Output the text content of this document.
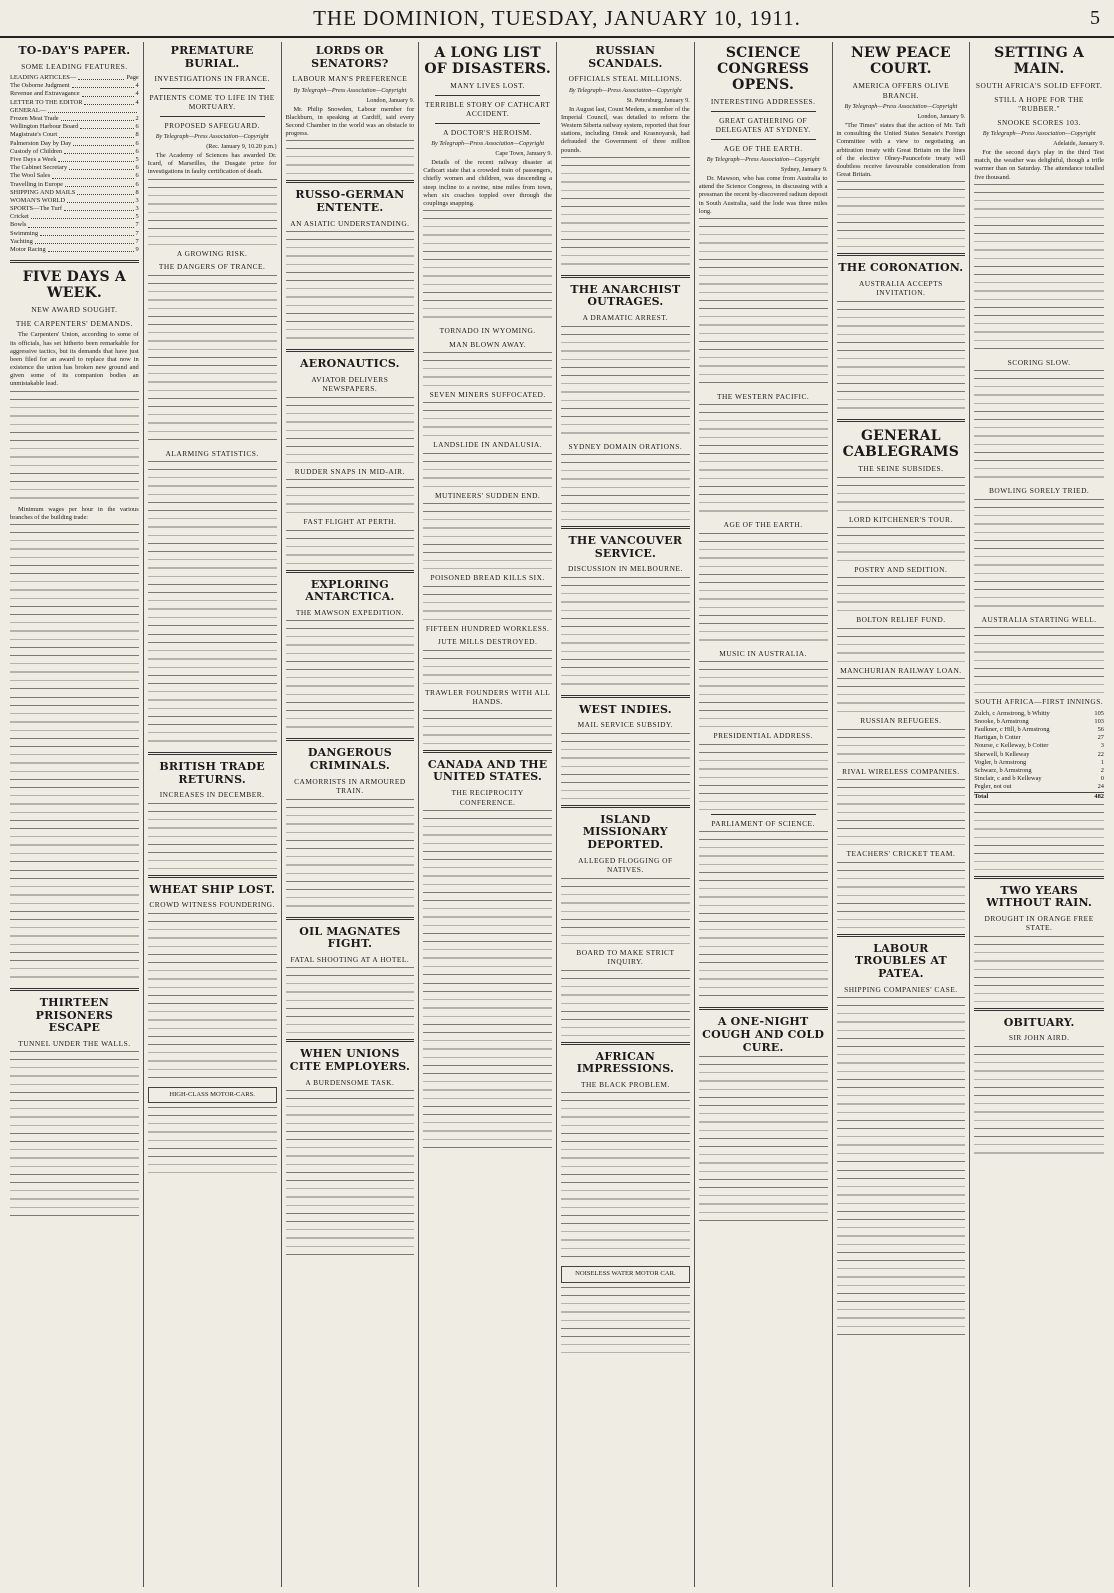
THE DOMINION, TUESDAY, JANUARY 10, 1911.	5
TO-DAY'S PAPER.
SOME LEADING FEATURES.
LEADING ARTICLES—	Page
The Osborne Judgment	4
Revenue and Extravagance	4
LETTER TO THE EDITOR	4
GENERAL—
Frozen Meat Trade	2
Wellington Harbour Board	6
Magistrate's Court	8
Palmerston Day by Day	6
Custody of Children	6
Five Days a Week	5
The Cabinet Secretary	6
The Wool Sales	6
Travelling in Europe	6
SHIPPING AND MAILS	8
WOMAN'S WORLD	3
SPORTS—The Turf	3
Cricket	5
Bowls	7
Swimming	7
Yachting	7
Motor Racing	9
FIVE DAYS A WEEK.
NEW AWARD SOUGHT.
THE CARPENTERS' DEMANDS.
The Carpenters' Union, according to some of its officials, has set hitherto been remarkable for aggressive tactics, but its demands that have just been filed for an award to replace that now in existence the union has broken new ground and given some of its companion bodies an unmistakable lead.
Minimum wages per hour in the various branches of the building trade:
THIRTEEN PRISONERS ESCAPE
TUNNEL UNDER THE WALLS.
PREMATURE BURIAL.
INVESTIGATIONS IN FRANCE.
PATIENTS COME TO LIFE IN THE MORTUARY.
PROPOSED SAFEGUARD.
By Telegraph—Press Association—Copyright
(Rec. January 9, 10.20 p.m.)
The Academy of Sciences has awarded Dr. Icard, of Marseilles, the Dusgate prize for investigations in faulty certification of death.
A GROWING RISK.
THE DANGERS OF TRANCE.
ALARMING STATISTICS.
BRITISH TRADE RETURNS.
INCREASES IN DECEMBER.
WHEAT SHIP LOST.
CROWD WITNESS FOUNDERING.
HIGH-CLASS MOTOR-CARS.
LORDS OR SENATORS?
LABOUR MAN'S PREFERENCE
By Telegraph—Press Association—Copyright
London, January 9.
Mr. Philip Snowden, Labour member for Blackburn, in speaking at Cardiff, said every Second Chamber in the world was an obstacle to progress.
RUSSO-GERMAN ENTENTE.
AN ASIATIC UNDERSTANDING.
AERONAUTICS.
AVIATOR DELIVERS NEWSPAPERS.
RUDDER SNAPS IN MID-AIR.
FAST FLIGHT AT PERTH.
EXPLORING ANTARCTICA.
THE MAWSON EXPEDITION.
DANGEROUS CRIMINALS.
CAMORRISTS IN ARMOURED TRAIN.
OIL MAGNATES FIGHT.
FATAL SHOOTING AT A HOTEL.
WHEN UNIONS CITE EMPLOYERS.
A BURDENSOME TASK.
A LONG LIST OF DISASTERS.
MANY LIVES LOST.
TERRIBLE STORY OF CATHCART ACCIDENT.
A DOCTOR'S HEROISM.
By Telegraph—Press Association—Copyright
Cape Town, January 9.
Details of the recent railway disaster at Cathcart state that a crowded train of passengers, chiefly women and children, was descending a steep incline to a ravine, nine miles from town, when six coaches toppled over through the couplings snapping.
TORNADO IN WYOMING.
MAN BLOWN AWAY.
SEVEN MINERS SUFFOCATED.
LANDSLIDE IN ANDALUSIA.
MUTINEERS' SUDDEN END.
POISONED BREAD KILLS SIX.
FIFTEEN HUNDRED WORKLESS.
JUTE MILLS DESTROYED.
TRAWLER FOUNDERS WITH ALL HANDS.
CANADA AND THE UNITED STATES.
THE RECIPROCITY CONFERENCE.
RUSSIAN SCANDALS.
OFFICIALS STEAL MILLIONS.
By Telegraph—Press Association—Copyright
St. Petersburg, January 9.
In August last, Count Medem, a member of the Imperial Council, was detailed to reform the Western Siberia railway system, reported that four stations, including Omsk and Krasnoyarsk, had defrauded the Government of three million pounds.
THE ANARCHIST OUTRAGES.
A DRAMATIC ARREST.
SYDNEY DOMAIN ORATIONS.
THE VANCOUVER SERVICE.
DISCUSSION IN MELBOURNE.
WEST INDIES.
MAIL SERVICE SUBSIDY.
ISLAND MISSIONARY DEPORTED.
ALLEGED FLOGGING OF NATIVES.
BOARD TO MAKE STRICT INQUIRY.
AFRICAN IMPRESSIONS.
THE BLACK PROBLEM.
NOISELESS WATER MOTOR CAR.
SCIENCE CONGRESS OPENS.
INTERESTING ADDRESSES.
GREAT GATHERING OF DELEGATES AT SYDNEY.
AGE OF THE EARTH.
By Telegraph—Press Association—Copyright
Sydney, January 9.
Dr. Mawson, who has come from Australia to attend the Science Congress, in discussing with a pressman the recent by-discovered radium deposit in South Australia, said the lode was three miles long.
THE WESTERN PACIFIC.
AGE OF THE EARTH.
MUSIC IN AUSTRALIA.
PRESIDENTIAL ADDRESS.
PARLIAMENT OF SCIENCE.
A ONE-NIGHT COUGH AND COLD CURE.
NEW PEACE COURT.
AMERICA OFFERS OLIVE BRANCH.
By Telegraph—Press Association—Copyright
London, January 9.
"The Times" states that the action of Mr. Taft in consulting the United States Senate's Foreign Committee with a view to negotiating an arbitration treaty with Great Britain on the lines of the elective Olney-Pauncefote treaty will doubtless receive favourable consideration from Great Britain.
THE CORONATION.
AUSTRALIA ACCEPTS INVITATION.
GENERAL CABLEGRAMS
THE SEINE SUBSIDES.
LORD KITCHENER'S TOUR.
POSTRY AND SEDITION.
BOLTON RELIEF FUND.
MANCHURIAN RAILWAY LOAN.
RUSSIAN REFUGEES.
RIVAL WIRELESS COMPANIES.
TEACHERS' CRICKET TEAM.
LABOUR TROUBLES AT PATEA.
SHIPPING COMPANIES' CASE.
SETTING A MAIN.
SOUTH AFRICA'S SOLID EFFORT.
STILL A HOPE FOR THE "RUBBER."
SNOOKE SCORES 103.
By Telegraph—Press Association—Copyright
Adelaide, January 9.
For the second day's play in the third Test match, the weather was delightful, though a trifle warmer than on Saturday. The attendance totalled five thousand.
SCORING SLOW.
BOWLING SORELY TRIED.
AUSTRALIA STARTING WELL.
SOUTH AFRICA—FIRST INNINGS.
Zulch, c Armstrong, b Whitty	105
Snooke, b Armstrong	103
Faulkner, c Hill, b Armstrong	56
Hartigan, b Cotter	27
Nourse, c Kelleway, b Cotter	3
Sherwell, b Kelleway	22
Vogler, b Armstrong	1
Schwarz, b Armstrong	2
Sinclair, c and b Kelleway	0
Pegler, not out	24
Total	482
TWO YEARS WITHOUT RAIN.
DROUGHT IN ORANGE FREE STATE.
OBITUARY.
SIR JOHN AIRD.
